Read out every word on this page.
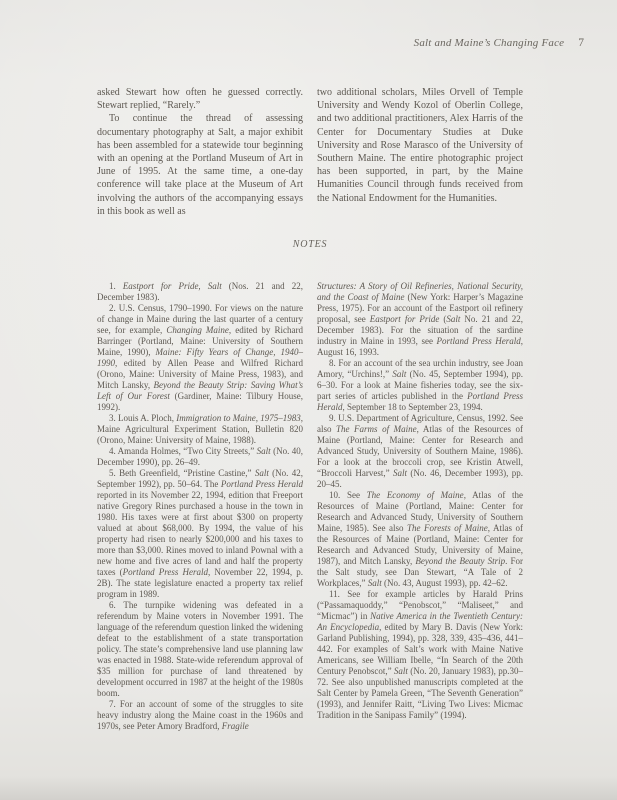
Salt and Maine’s Changing Face 7

asked Stewart how often he guessed correctly. Stewart replied, “Rarely.”

To continue the thread of assessing documentary photography at Salt, a major exhibit has been assembled for a statewide tour beginning with an opening at the Portland Museum of Art in June of 1995. At the same time, a one-day conference will take place at the Museum of Art involving the authors of the accompanying essays in this book as well as

two additional scholars, Miles Orvell of Temple University and Wendy Kozol of Oberlin College, and two additional practitioners, Alex Harris of the Center for Documentary Studies at Duke University and Rose Marasco of the University of Southern Maine. The entire photographic project has been supported, in part, by the Maine Humanities Council through funds received from the National Endowment for the Humanities.

NOTES

1. Eastport for Pride, Salt (Nos. 21 and 22, December 1983).

2. U.S. Census, 1790–1990. For views on the nature of change in Maine during the last quarter of a century see, for example, Changing Maine, edited by Richard Barringer (Portland, Maine: University of Southern Maine, 1990), Maine: Fifty Years of Change, 1940–1990, edited by Allen Pease and Wilfred Richard (Orono, Maine: University of Maine Press, 1983), and Mitch Lansky, Beyond the Beauty Strip: Saving What’s Left of Our Forest (Gardiner, Maine: Tilbury House, 1992).

3. Louis A. Ploch, Immigration to Maine, 1975–1983, Maine Agricultural Experiment Station, Bulletin 820 (Orono, Maine: University of Maine, 1988).

4. Amanda Holmes, “Two City Streets,” Salt (No. 40, December 1990), pp. 26–49.

5. Beth Greenfield, “Pristine Castine,” Salt (No. 42, September 1992), pp. 50–64. The Portland Press Herald reported in its November 22, 1994, edition that Freeport native Gregory Rines purchased a house in the town in 1980. His taxes were at first about $300 on property valued at about $68,000. By 1994, the value of his property had risen to nearly $200,000 and his taxes to more than $3,000. Rines moved to inland Pownal with a new home and five acres of land and half the property taxes (Portland Press Herald, November 22, 1994, p. 2B). The state legislature enacted a property tax relief program in 1989.

6. The turnpike widening was defeated in a referendum by Maine voters in November 1991. The language of the referendum question linked the widening defeat to the establishment of a state transportation policy. The state’s comprehensive land use planning law was enacted in 1988. State-wide referendum approval of $35 million for purchase of land threatened by development occurred in 1987 at the height of the 1980s boom.

7. For an account of some of the struggles to site heavy industry along the Maine coast in the 1960s and 1970s, see Peter Amory Bradford, Fragile

Structures: A Story of Oil Refineries, National Security, and the Coast of Maine (New York: Harper’s Magazine Press, 1975). For an account of the Eastport oil refinery proposal, see Eastport for Pride (Salt No. 21 and 22, December 1983). For the situation of the sardine industry in Maine in 1993, see Portland Press Herald, August 16, 1993.

8. For an account of the sea urchin industry, see Joan Amory, “Urchins!,” Salt (No. 45, September 1994), pp. 6–30. For a look at Maine fisheries today, see the six-part series of articles published in the Portland Press Herald, September 18 to September 23, 1994.

9. U.S. Department of Agriculture, Census, 1992. See also The Farms of Maine, Atlas of the Resources of Maine (Portland, Maine: Center for Research and Advanced Study, University of Southern Maine, 1986). For a look at the broccoli crop, see Kristin Atwell, “Broccoli Harvest,” Salt (No. 46, December 1993), pp. 20–45.

10. See The Economy of Maine, Atlas of the Resources of Maine (Portland, Maine: Center for Research and Advanced Study, University of Southern Maine, 1985). See also The Forests of Maine, Atlas of the Resources of Maine (Portland, Maine: Center for Research and Advanced Study, University of Maine, 1987), and Mitch Lansky, Beyond the Beauty Strip. For the Salt study, see Dan Stewart, “A Tale of 2 Workplaces,” Salt (No. 43, August 1993), pp. 42–62.

11. See for example articles by Harald Prins (“Passamaquoddy,” “Penobscot,” “Maliseet,” and “Micmac”) in Native America in the Twentieth Century: An Encyclopedia, edited by Mary B. Davis (New York: Garland Publishing, 1994), pp. 328, 339, 435–436, 441–442. For examples of Salt’s work with Maine Native Americans, see William Ibelle, “In Search of the 20th Century Penobscot,” Salt (No. 20, January 1983), pp.30–72. See also unpublished manuscripts completed at the Salt Center by Pamela Green, “The Seventh Generation” (1993), and Jennifer Raitt, “Living Two Lives: Micmac Tradition in the Sanipass Family” (1994).
